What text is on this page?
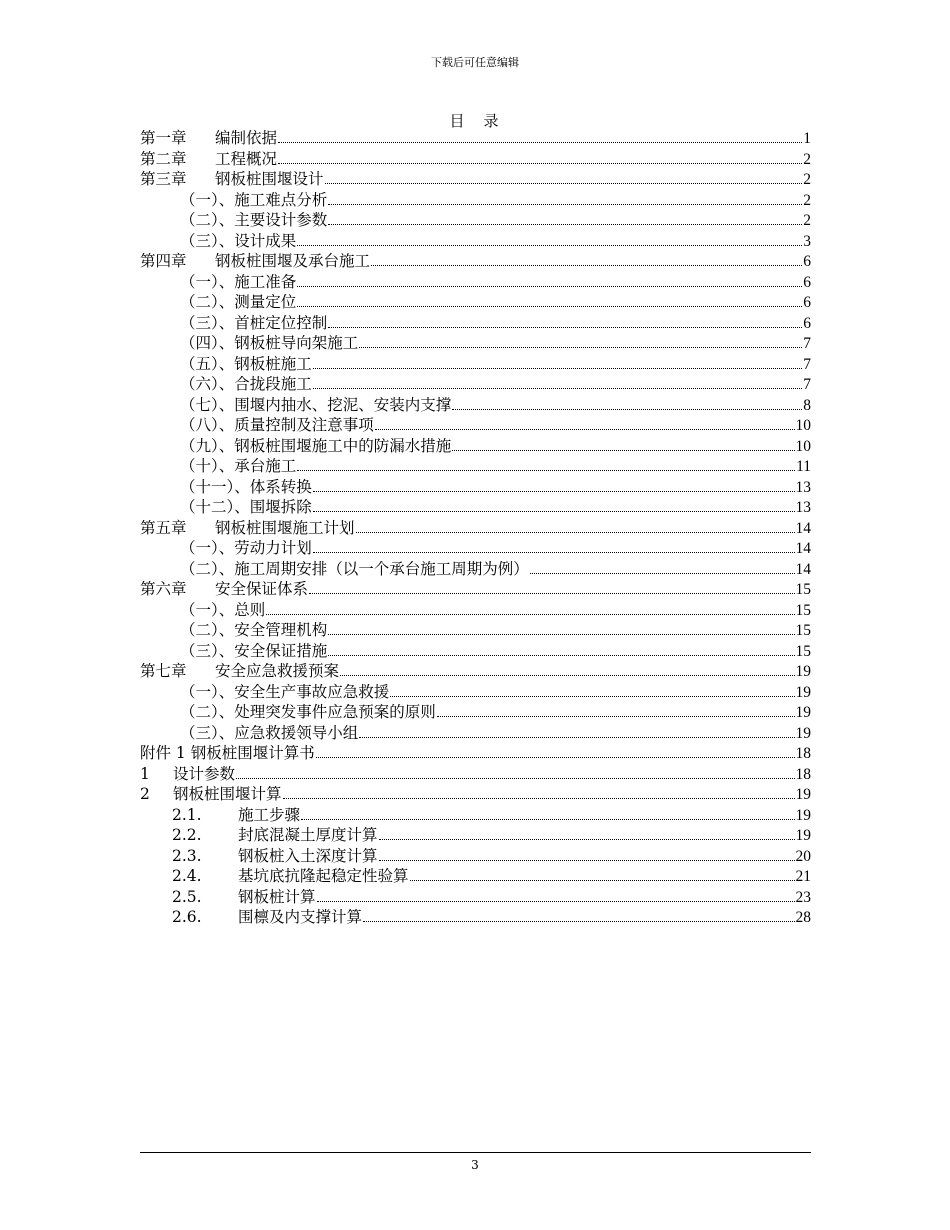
下载后可任意编辑
目　录
第一章	编制依据	1
第二章	工程概况	2
第三章	钢板桩围堰设计	2
（一）、施工难点分析	2
（二）、主要设计参数	2
（三）、设计成果	3
第四章	钢板桩围堰及承台施工	6
（一）、施工准备	6
（二）、测量定位	6
（三）、首桩定位控制	6
（四）、钢板桩导向架施工	7
（五）、钢板桩施工	7
（六）、合拢段施工	7
（七）、围堰内抽水、挖泥、安装内支撑	8
（八）、质量控制及注意事项	10
（九）、钢板桩围堰施工中的防漏水措施	10
（十）、承台施工	11
（十一）、体系转换	13
（十二）、围堰拆除	13
第五章	钢板桩围堰施工计划	14
（一）、劳动力计划	14
（二）、施工周期安排（以一个承台施工周期为例）	14
第六章	安全保证体系	15
（一）、总则	15
（二）、安全管理机构	15
（三）、安全保证措施	15
第七章	安全应急救援预案	19
（一）、安全生产事故应急救援	19
（二）、处理突发事件应急预案的原则	19
（三）、应急救援领导小组	19
附件 1 钢板桩围堰计算书	18
1	设计参数	18
2	钢板桩围堰计算	19
2.1.	施工步骤	19
2.2.	封底混凝土厚度计算	19
2.3.	钢板桩入土深度计算	20
2.4.	基坑底抗隆起稳定性验算	21
2.5.	钢板桩计算	23
2.6.	围檩及内支撑计算	28
3
